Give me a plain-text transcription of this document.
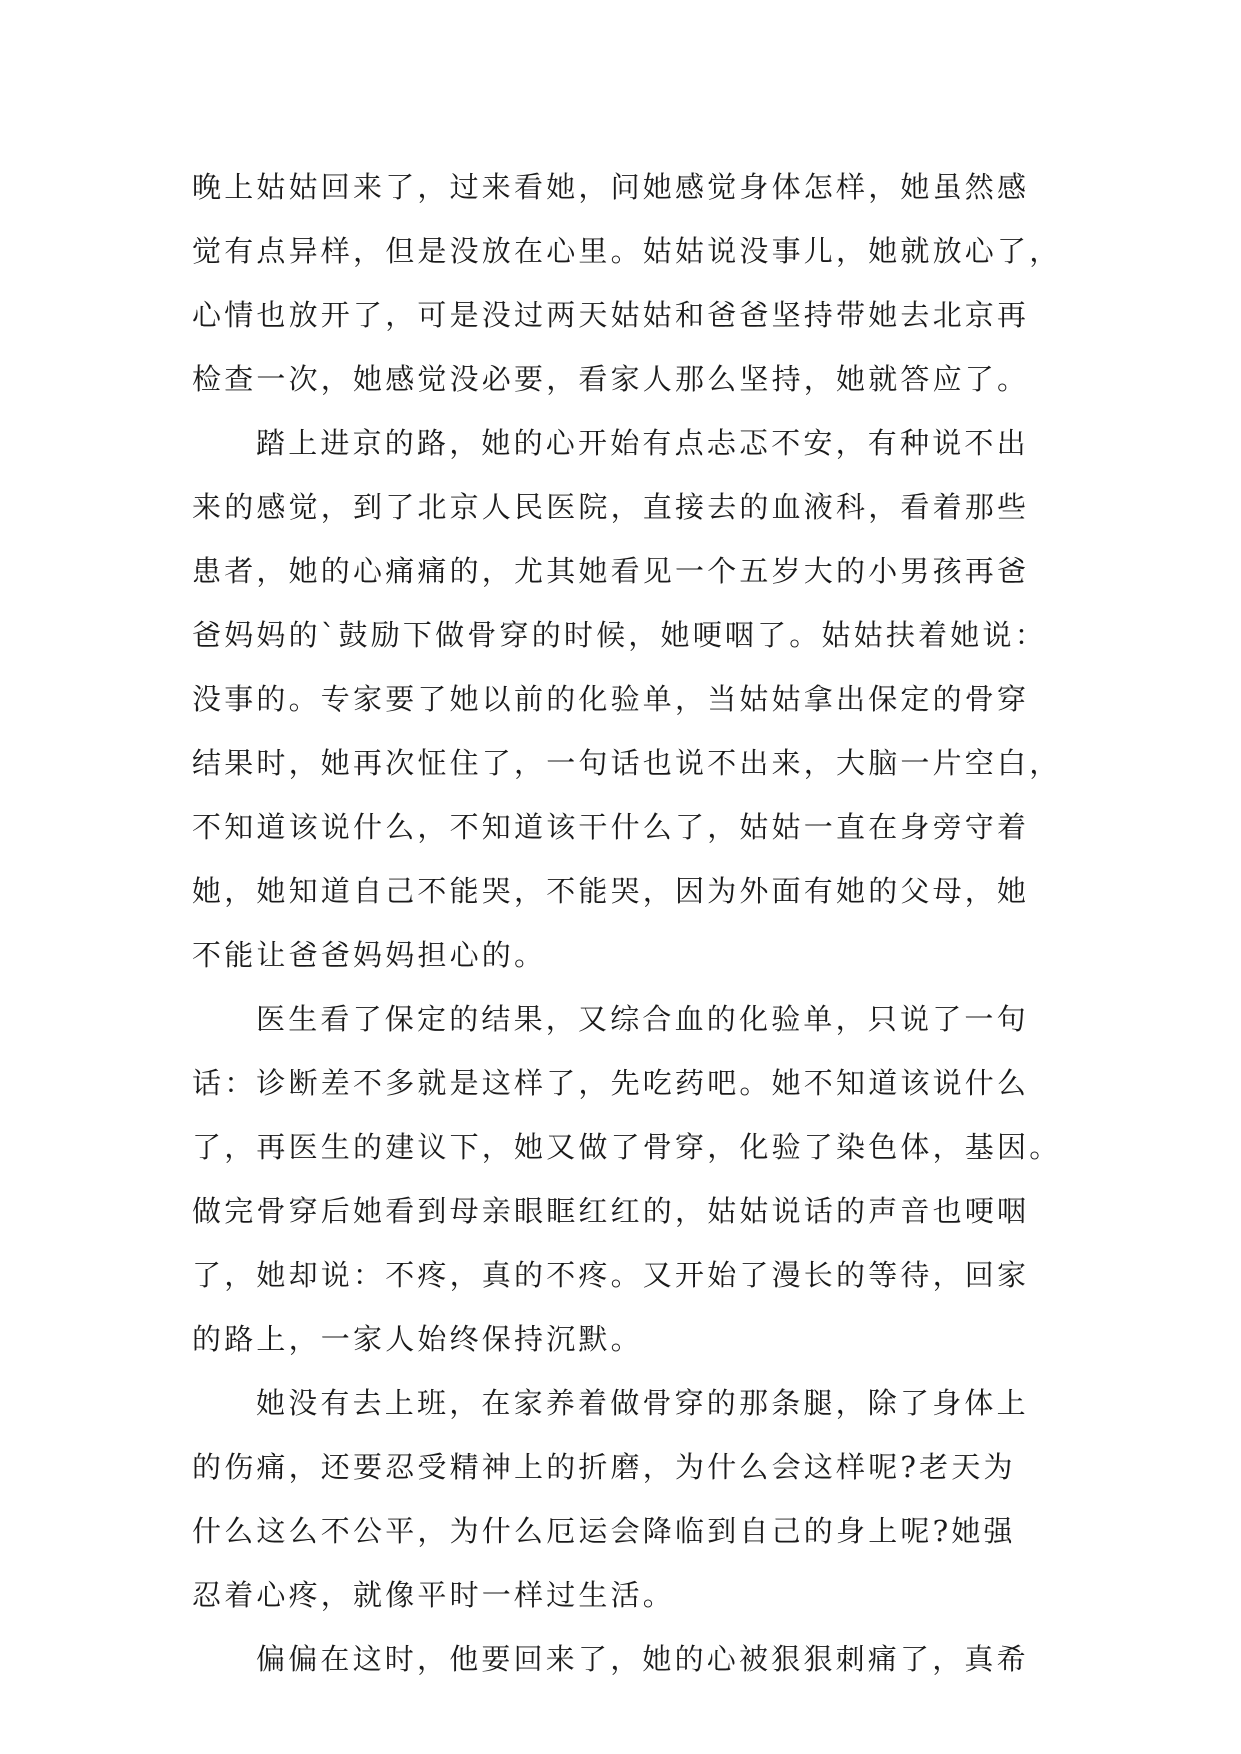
晚上姑姑回来了，过来看她，问她感觉身体怎样，她虽然感
觉有点异样，但是没放在心里。姑姑说没事儿，她就放心了，
心情也放开了，可是没过两天姑姑和爸爸坚持带她去北京再
检查一次，她感觉没必要，看家人那么坚持，她就答应了。
踏上进京的路，她的心开始有点忐忑不安，有种说不出
来的感觉，到了北京人民医院，直接去的血液科，看着那些
患者，她的心痛痛的，尤其她看见一个五岁大的小男孩再爸
爸妈妈的`鼓励下做骨穿的时候，她哽咽了。姑姑扶着她说：
没事的。专家要了她以前的化验单，当姑姑拿出保定的骨穿
结果时，她再次怔住了，一句话也说不出来，大脑一片空白，
不知道该说什么，不知道该干什么了，姑姑一直在身旁守着
她，她知道自己不能哭，不能哭，因为外面有她的父母，她
不能让爸爸妈妈担心的。
医生看了保定的结果，又综合血的化验单，只说了一句
话：诊断差不多就是这样了，先吃药吧。她不知道该说什么
了，再医生的建议下，她又做了骨穿，化验了染色体，基因。
做完骨穿后她看到母亲眼眶红红的，姑姑说话的声音也哽咽
了，她却说：不疼，真的不疼。又开始了漫长的等待，回家
的路上，一家人始终保持沉默。
她没有去上班，在家养着做骨穿的那条腿，除了身体上
的伤痛，还要忍受精神上的折磨，为什么会这样呢?老天为
什么这么不公平，为什么厄运会降临到自己的身上呢?她强
忍着心疼，就像平时一样过生活。
偏偏在这时，他要回来了，她的心被狠狠刺痛了，真希
